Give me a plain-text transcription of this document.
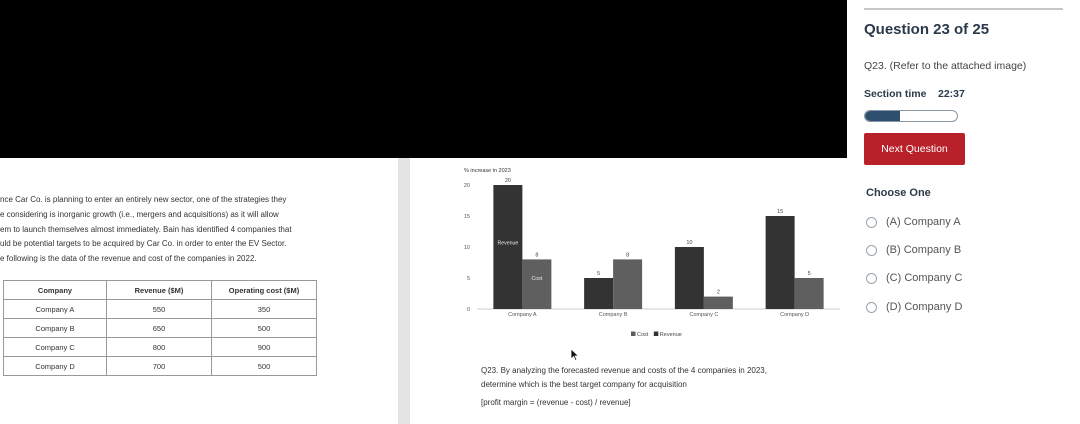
nce Car Co. is planning to enter an entirely new sector, one of the strategies they
e considering is inorganic growth (i.e., mergers and acquisitions) as it will allow
em to launch themselves almost immediately. Bain has identified 4 companies that
uld be potential targets to be acquired by Car Co. in order to enter the EV Sector.
e following is the data of the revenue and cost of the companies in 2022.
Company	Revenue ($M)	Operating cost ($M)
Company A	550	350
Company B	650	500
Company C	800	900
Company D	700	500
% increase in 2023
0
5
10
15
20
20
Revenue
8
Cost
Company A
5
8
Company B
10
2
Company C
15
5
Company D
Cost Revenue
Q23. By analyzing the forecasted revenue and costs of the 4 companies in 2023,
determine which is the best target company for acquisition
[profit margin = (revenue - cost) / revenue]
Question 23 of 25
Q23. (Refer to the attached image)
Section time 22:37
Next Question
Choose One
(A) Company A
(B) Company B
(C) Company C
(D) Company D
